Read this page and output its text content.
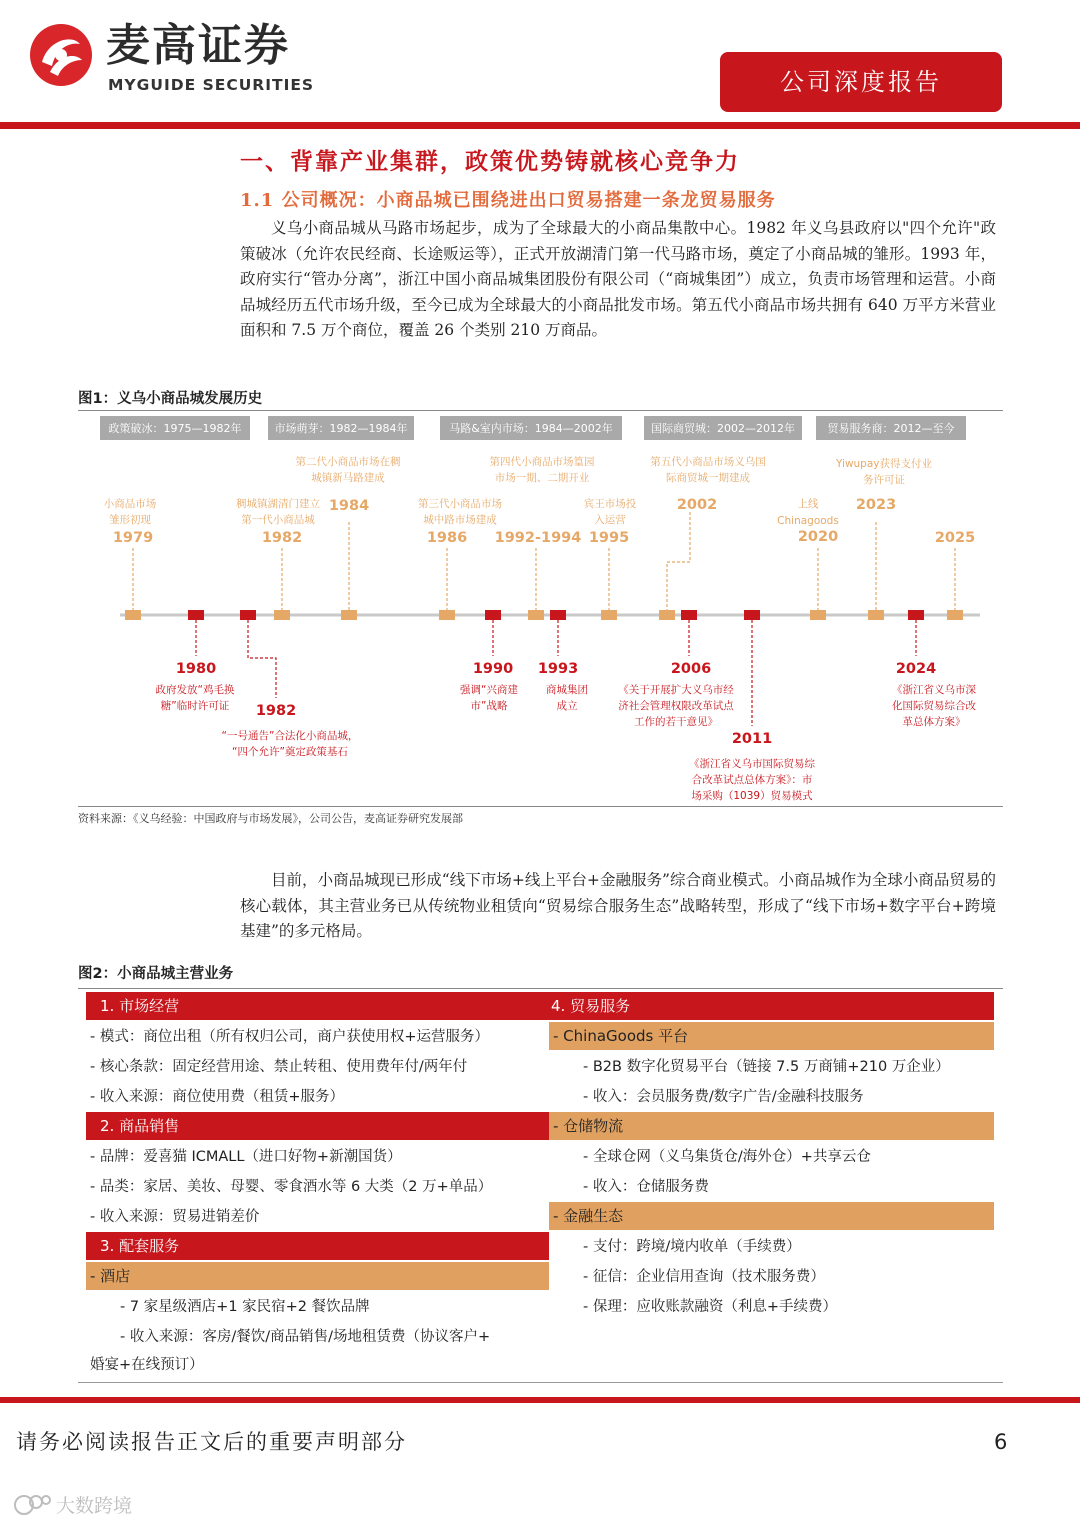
麦高证券
MYGUIDE SECURITIES	公司深度报告
一、背靠产业集群，政策优势铸就核心竞争力
1.1 公司概况：小商品城已围绕进出口贸易搭建一条龙贸易服务
义乌小商品城从马路市场起步，成为了全球最大的小商品集散中心。1982 年义乌县政府以"四个允许"政策破冰（允许农民经商、长途贩运等），正式开放湖清门第一代马路市场，奠定了小商品城的雏形。1993 年，政府实行“管办分离”，浙江中国小商品城集团股份有限公司（“商城集团”）成立，负责市场管理和运营。小商品城经历五代市场升级，至今已成为全球最大的小商品批发市场。第五代小商品市场共拥有 640 万平方米营业面积和 7.5 万个商位，覆盖 26 个类别 210 万商品。
图1：义乌小商品城发展历史
政策破冰：1975—1982年	市场萌芽：1982—1984年	马路&室内市场：1984—2002年	国际商贸城：2002—2012年	贸易服务商：2012—至今
小商品市场
雏形初现
稠城镇湖清门建立
第一代小商品城
第二代小商品市场在稠
城镇新马路建成
第三代小商品市场
城中路市场建成
第四代小商品市场篁园
市场一期、二期开业
宾王市场投
入运营
第五代小商品市场义乌国
际商贸城一期建成
上线
Chinagoods
Yiwupay获得支付业
务许可证
1979	1982
1984
1986 1992-1994 1995
2002
2020
2023
2025
1980
1982
1990 1993	2006
2011
2024
政府发放“鸡毛换
糖”临时许可证
“一号通告”合法化小商品城，
“四个允许”奠定政策基石
强调“兴商建
市”战略
商城集团
成立
《关于开展扩大义乌市经
济社会管理权限改革试点
工作的若干意见》
《浙江省义乌市国际贸易综
合改革试点总体方案》：市
场采购（1039）贸易模式
《浙江省义乌市深
化国际贸易综合改
革总体方案》
资料来源：《义乌经验：中国政府与市场发展》，公司公告，麦高证券研究发展部
目前，小商品城现已形成“线下市场+线上平台+金融服务”综合商业模式。小商品城作为全球小商品贸易的核心载体，其主营业务已从传统物业租赁向“贸易综合服务生态”战略转型，形成了“线下市场+数字平台+跨境基建”的多元格局。
图2：小商品城主营业务
1. 市场经营
- 模式：商位出租（所有权归公司，商户获使用权+运营服务）
- 核心条款：固定经营用途、禁止转租、使用费年付/两年付
- 收入来源：商位使用费（租赁+服务）
2. 商品销售
- 品牌：爱喜猫 ICMALL（进口好物+新潮国货）
- 品类：家居、美妆、母婴、零食酒水等 6 大类（2 万+单品）
- 收入来源：贸易进销差价
3. 配套服务
- 酒店
- 7 家星级酒店+1 家民宿+2 餐饮品牌
- 收入来源：客房/餐饮/商品销售/场地租赁费（协议客户+
婚宴+在线预订）
4. 贸易服务
- ChinaGoods 平台
- B2B 数字化贸易平台（链接 7.5 万商铺+210 万企业）
- 收入：会员服务费/数字广告/金融科技服务
- 仓储物流
- 全球仓网（义乌集货仓/海外仓）+共享云仓
- 收入：仓储服务费
- 金融生态
- 支付：跨境/境内收单（手续费）
- 征信：企业信用查询（技术服务费）
- 保理：应收账款融资（利息+手续费）
请务必阅读报告正文后的重要声明部分	6
大数跨境
